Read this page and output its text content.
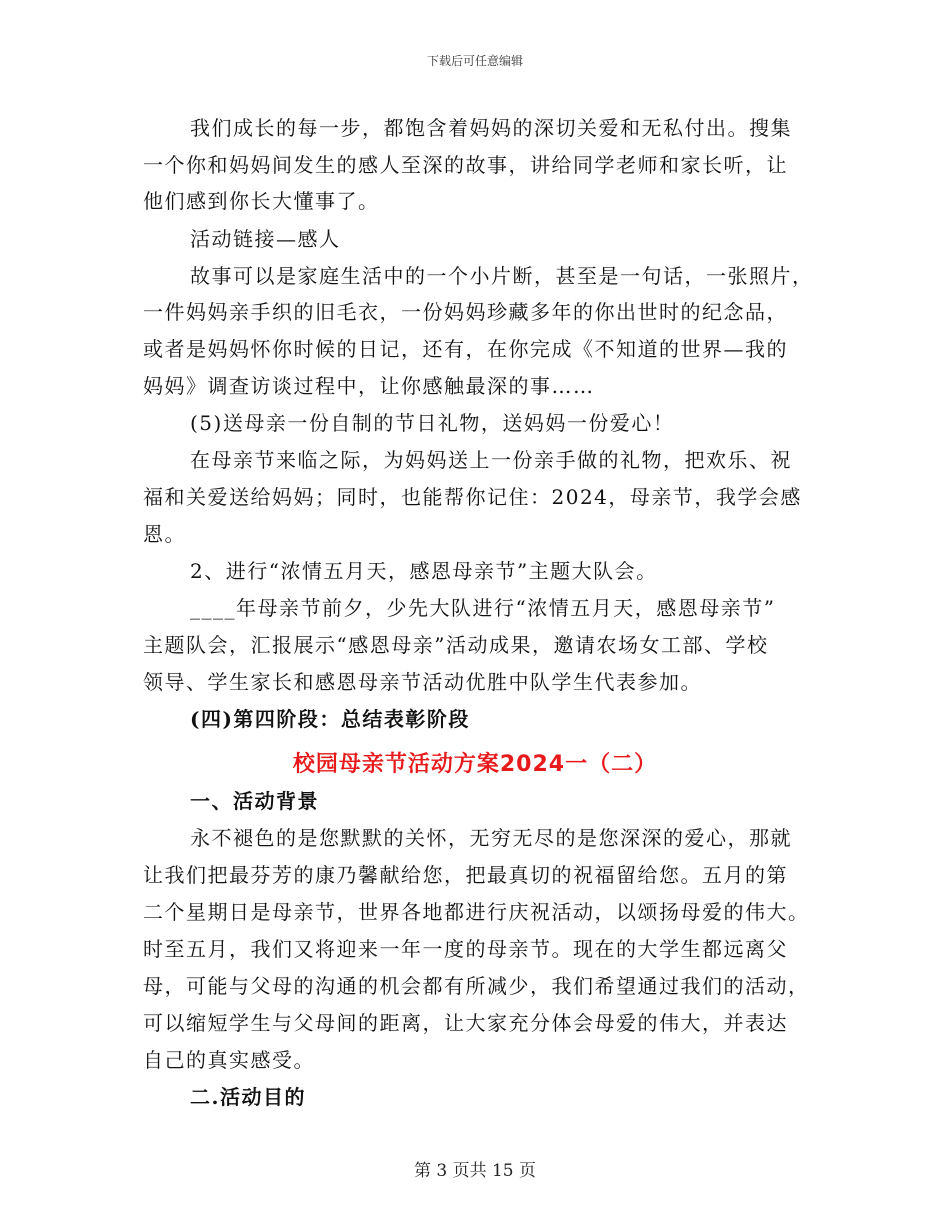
下载后可任意编辑
我们成长的每一步，都饱含着妈妈的深切关爱和无私付出。搜集
一个你和妈妈间发生的感人至深的故事，讲给同学老师和家长听，让
他们感到你长大懂事了。
活动链接—感人
故事可以是家庭生活中的一个小片断，甚至是一句话，一张照片，
一件妈妈亲手织的旧毛衣，一份妈妈珍藏多年的你出世时的纪念品，
或者是妈妈怀你时候的日记，还有，在你完成《不知道的世界—我的
妈妈》调查访谈过程中，让你感触最深的事……
(5)送母亲一份自制的节日礼物，送妈妈一份爱心！
在母亲节来临之际，为妈妈送上一份亲手做的礼物，把欢乐、祝
福和关爱送给妈妈；同时，也能帮你记住：2024，母亲节，我学会感
恩。
2、进行“浓情五月天，感恩母亲节”主题大队会。
____年母亲节前夕，少先大队进行“浓情五月天，感恩母亲节”
主题队会，汇报展示“感恩母亲”活动成果，邀请农场女工部、学校
领导、学生家长和感恩母亲节活动优胜中队学生代表参加。
(四)第四阶段：总结表彰阶段
校园母亲节活动方案2024一（二）
一、活动背景
永不褪色的是您默默的关怀，无穷无尽的是您深深的爱心，那就
让我们把最芬芳的康乃馨献给您，把最真切的祝福留给您。五月的第
二个星期日是母亲节，世界各地都进行庆祝活动，以颂扬母爱的伟大。
时至五月，我们又将迎来一年一度的母亲节。现在的大学生都远离父
母，可能与父母的沟通的机会都有所减少，我们希望通过我们的活动，
可以缩短学生与父母间的距离，让大家充分体会母爱的伟大，并表达
自己的真实感受。
二.活动目的
第 3 页共 15 页
